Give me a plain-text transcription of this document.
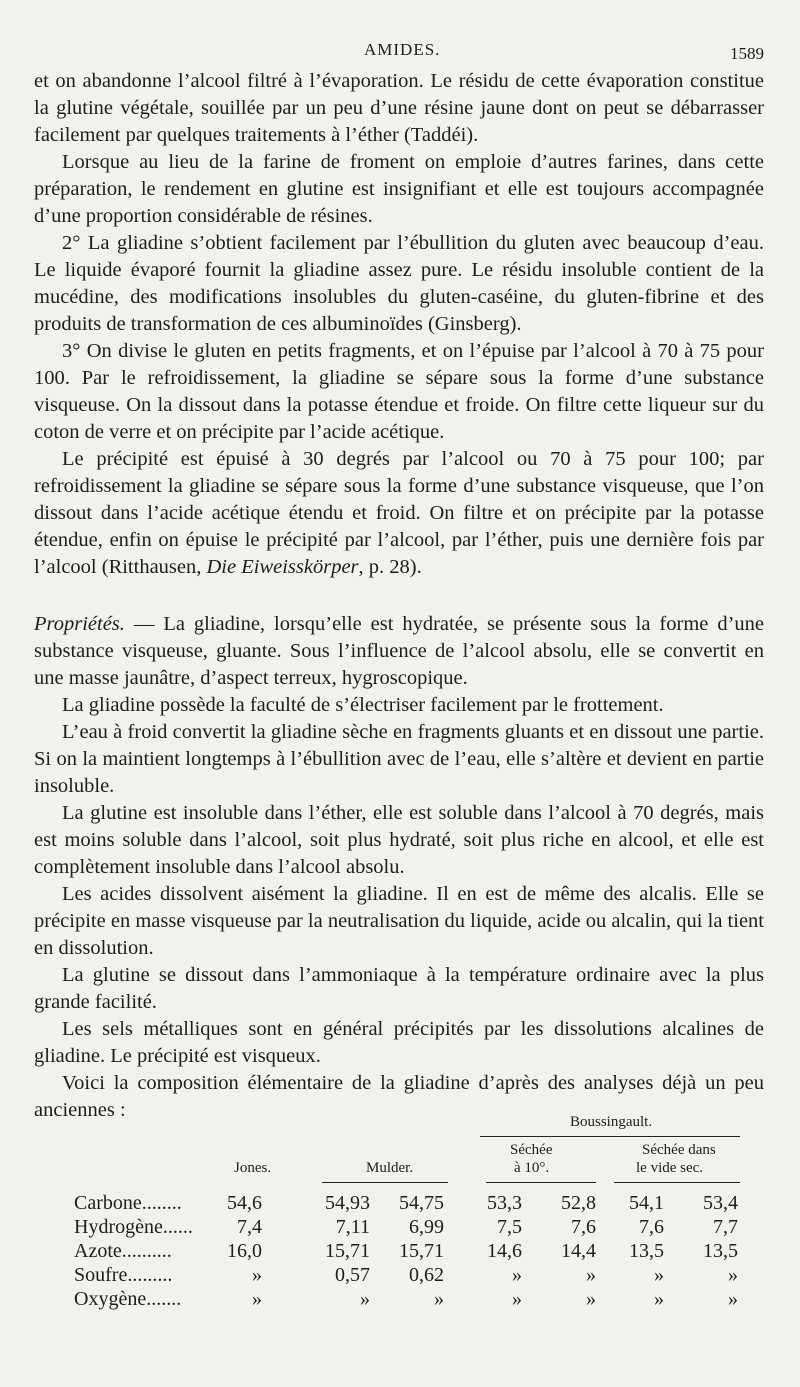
AMIDES.	1589

et on abandonne l’alcool filtré à l’évaporation. Le résidu de cette évaporation constitue la glutine végétale, souillée par un peu d’une résine jaune dont on peut se débarrasser facilement par quelques traitements à l’éther (Taddéi).

Lorsque au lieu de la farine de froment on emploie d’autres farines, dans cette préparation, le rendement en glutine est insignifiant et elle est toujours accompagnée d’une proportion considérable de résines.

2° La gliadine s’obtient facilement par l’ébullition du gluten avec beaucoup d’eau. Le liquide évaporé fournit la gliadine assez pure. Le résidu insoluble contient de la mucédine, des modifications insolubles du gluten-caséine, du gluten-fibrine et des produits de transformation de ces albuminoïdes (Ginsberg).

3° On divise le gluten en petits fragments, et on l’épuise par l’alcool à 70 à 75 pour 100. Par le refroidissement, la gliadine se sépare sous la forme d’une substance visqueuse. On la dissout dans la potasse étendue et froide. On filtre cette liqueur sur du coton de verre et on précipite par l’acide acétique.

Le précipité est épuisé à 30 degrés par l’alcool ou 70 à 75 pour 100; par refroidissement la gliadine se sépare sous la forme d’une substance visqueuse, que l’on dissout dans l’acide acétique étendu et froid. On filtre et on précipite par la potasse étendue, enfin on épuise le précipité par l’alcool, par l’éther, puis une dernière fois par l’alcool (Ritthausen, Die Eiweisskörper, p. 28).

Propriétés. — La gliadine, lorsqu’elle est hydratée, se présente sous la forme d’une substance visqueuse, gluante. Sous l’influence de l’alcool absolu, elle se convertit en une masse jaunâtre, d’aspect terreux, hygroscopique.

La gliadine possède la faculté de s’électriser facilement par le frottement.

L’eau à froid convertit la gliadine sèche en fragments gluants et en dissout une partie. Si on la maintient longtemps à l’ébullition avec de l’eau, elle s’altère et devient en partie insoluble.

La glutine est insoluble dans l’éther, elle est soluble dans l’alcool à 70 degrés, mais est moins soluble dans l’alcool, soit plus hydraté, soit plus riche en alcool, et elle est complètement insoluble dans l’alcool absolu.

Les acides dissolvent aisément la gliadine. Il en est de même des alcalis. Elle se précipite en masse visqueuse par la neutralisation du liquide, acide ou alcalin, qui la tient en dissolution.

La glutine se dissout dans l’ammoniaque à la température ordinaire avec la plus grande facilité.

Les sels métalliques sont en général précipités par les dissolutions alcalines de gliadine. Le précipité est visqueux.

Voici la composition élémentaire de la gliadine d’après des analyses déjà un peu anciennes :

Boussingault.
Séchée
à 10°.
Séchée dans
le vide sec.
Jones.	Mulder.
Carbone........	54,6	54,93	54,75	53,3	52,8	54,1	53,4
Hydrogène......	7,4	7,11	6,99	7,5	7,6	7,6	7,7
Azote..........	16,0	15,71	15,71	14,6	14,4	13,5	13,5
Soufre.........	»	0,57	0,62	»	»	»	»
Oxygène.......	»	»	»	»	»	»	»
